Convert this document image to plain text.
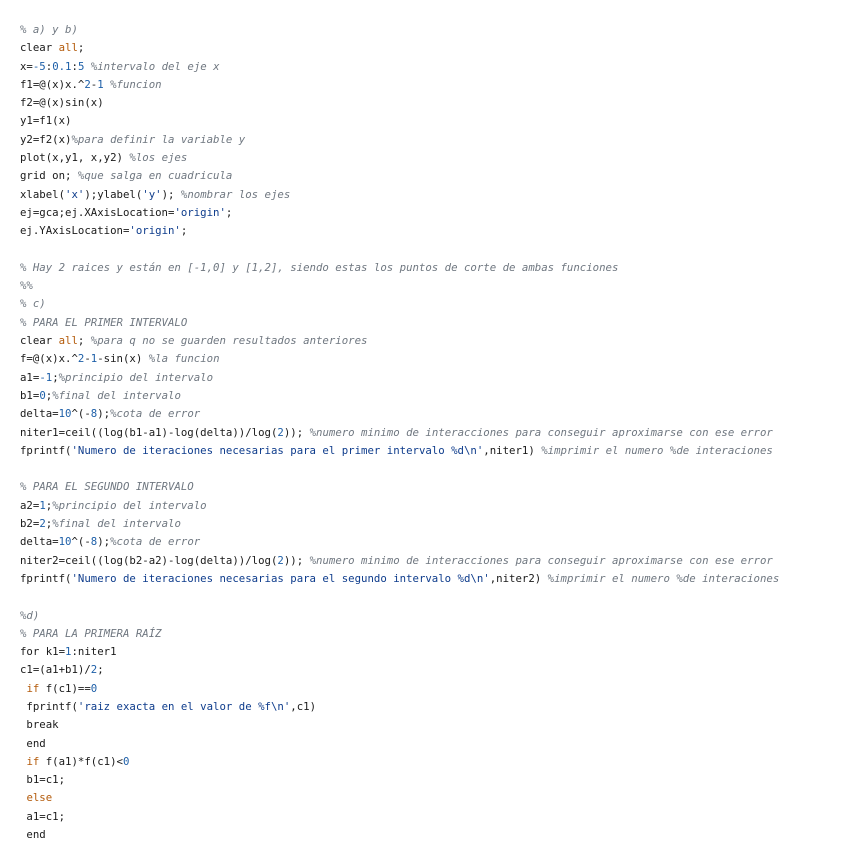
% a) y b)
clear all;
x=-5:0.1:5 %intervalo del eje x
f1=@(x)x.^2-1 %funcion
f2=@(x)sin(x)
y1=f1(x)
y2=f2(x)%para definir la variable y
plot(x,y1, x,y2) %los ejes
grid on; %que salga en cuadricula
xlabel('x');ylabel('y'); %nombrar los ejes
ej=gca;ej.XAxisLocation='origin';
ej.YAxisLocation='origin';
% Hay 2 raices y están en [-1,0] y [1,2], siendo estas los puntos de corte de ambas funciones
%%
% c)
% PARA EL PRIMER INTERVALO
clear all; %para q no se guarden resultados anteriores
f=@(x)x.^2-1-sin(x) %la funcion
a1=-1;%principio del intervalo
b1=0;%final del intervalo
delta=10^(-8);%cota de error
niter1=ceil((log(b1-a1)-log(delta))/log(2)); %numero minimo de interacciones para conseguir aproximarse con ese error
fprintf('Numero de iteraciones necesarias para el primer intervalo %d\n',niter1) %imprimir el numero %de interaciones
% PARA EL SEGUNDO INTERVALO
a2=1;%principio del intervalo
b2=2;%final del intervalo
delta=10^(-8);%cota de error
niter2=ceil((log(b2-a2)-log(delta))/log(2)); %numero minimo de interacciones para conseguir aproximarse con ese error
fprintf('Numero de iteraciones necesarias para el segundo intervalo %d\n',niter2) %imprimir el numero %de interaciones
%d)
% PARA LA PRIMERA RAÍZ
for k1=1:niter1
c1=(a1+b1)/2;
if f(c1)==0
fprintf('raiz exacta en el valor de %f\n',c1)
break
end
if f(a1)*f(c1)<0
b1=c1;
else
a1=c1;
end
